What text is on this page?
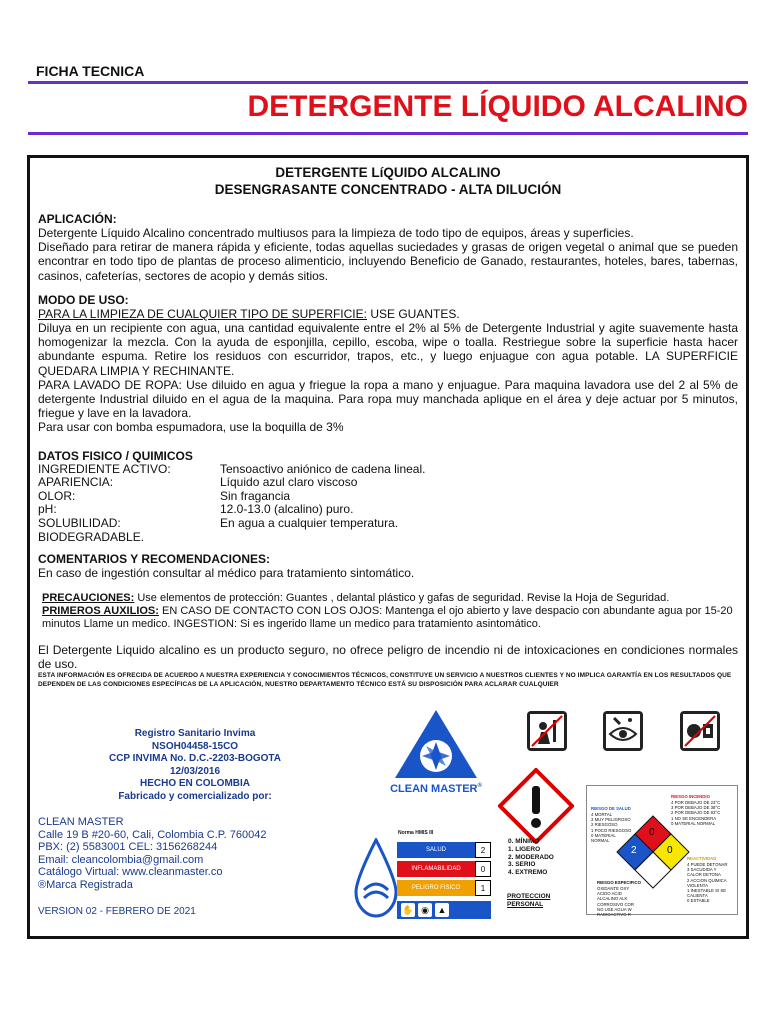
FICHA TECNICA
DETERGENTE LÍQUIDO ALCALINO
DETERGENTE LíQUIDO ALCALINO
DESENGRASANTE CONCENTRADO - ALTA DILUCIÓN
APLICACIÓN:
Detergente Líquido Alcalino concentrado multiusos para la limpieza de todo tipo de equipos, áreas y superficies.
Diseñado para retirar de manera rápida y eficiente, todas aquellas suciedades y grasas de origen vegetal o animal que se pueden encontrar en todo tipo de plantas de proceso alimenticio, incluyendo Beneficio de Ganado, restaurantes, hoteles, bares, tabernas, casinos, cafeterías, sectores de acopio y demás sitios.
MODO DE USO:
PARA LA LIMPIEZA DE CUALQUIER TIPO DE SUPERFICIE: USE GUANTES.
Diluya en un recipiente con agua, una cantidad equivalente entre el 2% al 5% de Detergente Industrial y agite suavemente hasta homogenizar la mezcla. Con la ayuda de esponjilla, cepillo, escoba, wipe o toalla. Restriegue sobre la superficie hasta hacer abundante espuma. Retire los residuos con escurridor, trapos, etc., y luego enjuague con agua potable. LA SUPERFICIE QUEDARA LIMPIA Y RECHINANTE.
PARA LAVADO DE ROPA: Use diluido en agua y friegue la ropa a mano y enjuague. Para maquina lavadora use del 2 al 5% de detergente Industrial diluido en el agua de la maquina. Para ropa muy manchada aplique en el área y deje actuar por 5 minutos, friegue y lave en la lavadora.
Para usar con bomba espumadora, use la boquilla de 3%
DATOS FISICO / QUIMICOS
INGREDIENTE ACTIVO:	Tensoactivo aniónico de cadena lineal.
APARIENCIA:	Líquido azul claro viscoso
OLOR:	Sin fragancia
pH:	12.0-13.0 (alcalino) puro.
SOLUBILIDAD:	En agua a cualquier temperatura.
BIODEGRADABLE.	
COMENTARIOS Y RECOMENDACIONES:
En caso de ingestión consultar al médico para tratamiento sintomático.
PRECAUCIONES: Use elementos de protección: Guantes , delantal plástico y gafas de seguridad. Revise la Hoja de Seguridad.
PRIMEROS AUXILIOS: EN CASO DE CONTACTO CON LOS OJOS: Mantenga el ojo abierto y lave despacio con abundante agua por 15-20 minutos Llame un medico. INGESTION: Si es ingerido llame un medico para tratamiento asintomático.
El Detergente Liquido alcalino es un producto seguro, no ofrece peligro de incendio ni de intoxicaciones en condiciones normales de uso.
ESTA INFORMACIÓN ES OFRECIDA DE ACUERDO A NUESTRA EXPERIENCIA Y CONOCIMIENTOS TÉCNICOS, CONSTITUYE UN SERVICIO A NUESTROS CLIENTES Y NO IMPLICA GARANTÍA EN LOS RESULTADOS QUE DEPENDEN DE LAS CONDICIONES ESPECÍFICAS DE LA APLICACIÓN, NUESTRO DEPARTAMENTO TÉCNICO ESTÁ SU DISPOSICIÓN PARA ACLARAR CUALQUIER
Registro Sanitario Invima
NSOH04458-15CO
CCP INVIMA No. D.C.-2203-BOGOTA
12/03/2016
HECHO EN COLOMBIA
Fabricado y comercializado por:
CLEAN MASTER
Calle 19 B #20-60, Cali, Colombia C.P. 760042
PBX: (2) 5583001 CEL: 3156268244
Email: cleancolombia@gmail.com
Catálogo Virtual: www.cleanmaster.co
®Marca Registrada
VERSION 02 - FEBRERO DE 2021
CLEAN MASTER®
Norma HMIS III
SALUD	2
INFLAMABILIDAD	0
PELIGRO FISICO	1
✋ ◉ ▲
0. MÍNIMO
1. LIGERO
2. MODERADO
3. SERIO
4. EXTREMO
PROTECCION
PERSONAL
RIESGO INCENDIO
4 POR DEBAJO DE 23°C
3 POR DEBAJO DE 38°C
2 POR DEBAJO DE 93°C
1 NO SE ENCENDERA
0 MATERIAL NORMAL
RIESGO DE SALUD
4 MORTAL
3 MUY PELIGROSO
2 RIESGOSO
1 POCO RIESGOSO
0 MATERIAL
NORMAL
0
2	0
REACTIVIDAD
4 PUEDE DETONAR
3 SACUDIDA Y
CALOR DETONA
2 ACCION QUIMICA
VIOLENTA
1 INESTABLE SI SE
CALIENTA
0 ESTABLE
RIESGO ESPECIFICO
OXIDANTE OXY
ACIDO ACID
ALCALINO ALK
CORROSIVO COR
NO USE AGUA W
RADIOACTIVO R
